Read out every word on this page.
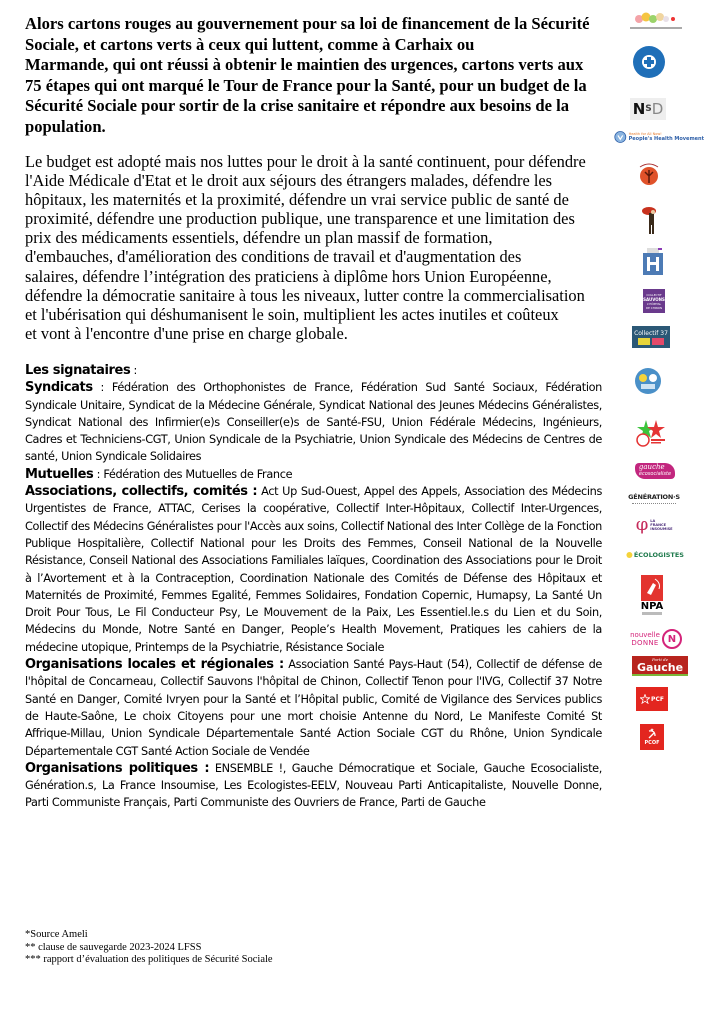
Alors cartons rouges au gouvernement pour sa loi de financement de la Sécurité
Sociale, et cartons verts à ceux qui luttent, comme à Carhaix ou
Marmande, qui ont réussi à obtenir le maintien des urgences, cartons verts aux
75 étapes qui ont marqué le Tour de France pour la Santé, pour un budget de la
Sécurité Sociale pour sortir de la crise sanitaire et répondre aux besoins de la
population.
Le budget est adopté mais nos luttes pour le droit à la santé continuent, pour défendre
l'Aide Médicale d'Etat et le droit aux séjours des étrangers malades, défendre les
hôpitaux, les maternités et la proximité, défendre un vrai service public de santé de
proximité, défendre une production publique, une transparence et une limitation des
prix des médicaments essentiels, défendre un plan massif de formation,
d'embauches, d'amélioration des conditions de travail et d'augmentation des
salaires, défendre l’intégration des praticiens à diplôme hors Union Européenne,
défendre la démocratie sanitaire à tous les niveaux, lutter contre la commercialisation
et l'ubérisation qui déshumanisent le soin, multiplient les actes inutiles et coûteux
et vont à l'encontre d'une prise en charge globale.
Les signataires :
Syndicats : Fédération des Orthophonistes de France, Fédération Sud Santé Sociaux, Fédération Syndicale Unitaire, Syndicat de la Médecine Générale, Syndicat National des Jeunes Médecins Généralistes, Syndicat National des Infirmier(e)s Conseiller(e)s de Santé-FSU, Union Fédérale Médecins, Ingénieurs, Cadres et Techniciens-CGT, Union Syndicale de la Psychiatrie, Union Syndicale des Médecins de Centres de santé, Union Syndicale Solidaires
Mutuelles : Fédération des Mutuelles de France
Associations, collectifs, comités : Act Up Sud-Ouest, Appel des Appels, Association des Médecins Urgentistes de France, ATTAC, Cerises la coopérative, Collectif Inter-Hôpitaux, Collectif Inter-Urgences, Collectif des Médecins Généralistes pour l'Accès aux soins, Collectif National des Inter Collège de la Fonction Publique Hospitalière, Collectif National pour les Droits des Femmes, Conseil National de la Nouvelle Résistance, Conseil National des Associations Familiales laïques, Coordination des Associations pour le Droit à l’Avortement et à la Contraception, Coordination Nationale des Comités de Défense des Hôpitaux et Maternités de Proximité, Femmes Egalité, Femmes Solidaires, Fondation Copernic, Humapsy, La Santé Un Droit Pour Tous, Le Fil Conducteur Psy, Le Mouvement de la Paix, Les Essentiel.le.s du Lien et du Soin, Médecins du Monde, Notre Santé en Danger, People’s Health Movement, Pratiques les cahiers de la médecine utopique, Printemps de la Psychiatrie, Résistance Sociale
Organisations locales et régionales : Association Santé Pays-Haut (54), Collectif de défense de l'hôpital de Concarneau, Collectif Sauvons l'hôpital de Chinon, Collectif Tenon pour l'IVG, Collectif 37 Notre Santé en Danger, Comité Ivryen pour la Santé et l’Hôpital public, Comité de Vigilance des Services publics de Haute-Saône, Le choix Citoyens pour une mort choisie Antenne du Nord, Le Manifeste Comité St Affrique-Millau, Union Syndicale Départementale Santé Action Sociale CGT du Rhône, Union Syndicale Départementale CGT Santé Action Sociale de Vendée
Organisations politiques : ENSEMBLE !, Gauche Démocratique et Sociale, Gauche Ecosocialiste, Génération.s, La France Insoumise, Les Ecologistes-EELV, Nouveau Parti Anticapitaliste, Nouvelle Donne, Parti Communiste Français, Parti Communiste des Ouvriers de France, Parti de Gauche
*Source Ameli
** clause de sauvegarde 2023-2024 LFSS
*** rapport d’évaluation des politiques de Sécurité Sociale
N S D
Health for All Now!
People's Health Movement
COLLECTIF
SAUVONS
L'HÔPITAL
DE CHINON
Collectif 37
gauche
écosocialiste
GÉNÉRATION·S
φ LA FRANCE INSOUMISE
ÉCOLOGISTES
NPA
nouvelle
DONNE N
Parti de
Gauche
PCF
PCOF
